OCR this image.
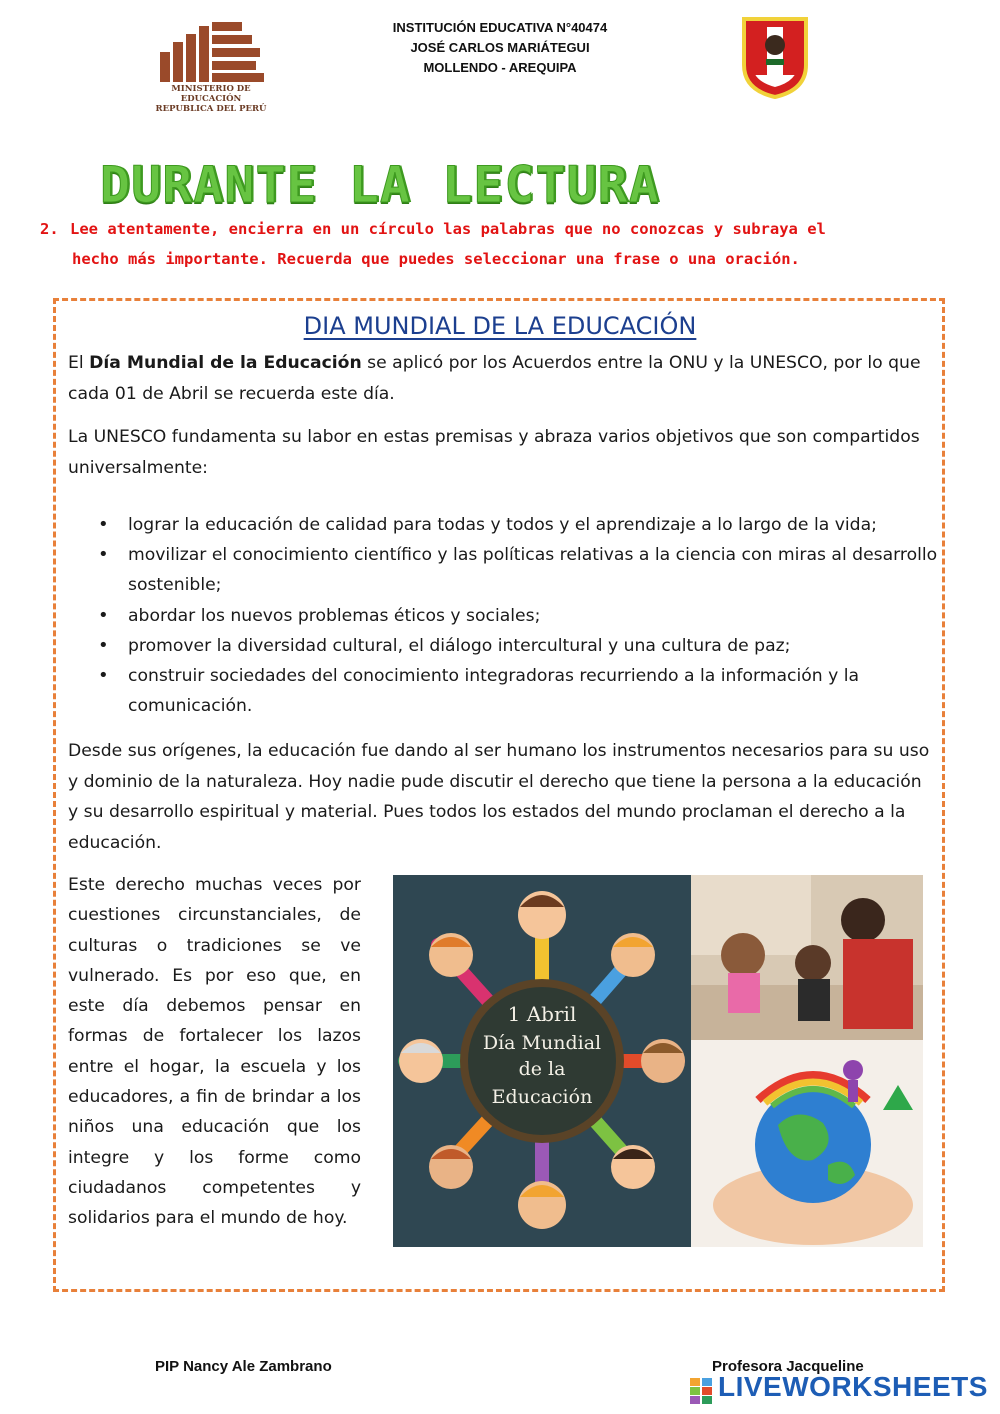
MINISTERIO DE EDUCACIÓN
REPUBLICA DEL PERÚ
INSTITUCIÓN EDUCATIVA N°40474
JOSÉ CARLOS MARIÁTEGUI
MOLLENDO - AREQUIPA
DURANTE LA LECTURA
2. Lee atentamente, encierra en un círculo las palabras que no conozcas y subraya el
hecho más importante. Recuerda que puedes seleccionar una frase o una oración.
DIA MUNDIAL DE LA EDUCACIÓN

El Día Mundial de la Educación se aplicó por los Acuerdos entre la ONU y la UNESCO, por lo que cada 01 de Abril se recuerda este día.

La UNESCO fundamenta su labor en estas premisas y abraza varios objetivos que son compartidos universalmente:

• lograr la educación de calidad para todas y todos y el aprendizaje a lo largo de la vida;
• movilizar el conocimiento científico y las políticas relativas a la ciencia con miras al desarrollo sostenible;
• abordar los nuevos problemas éticos y sociales;
• promover la diversidad cultural, el diálogo intercultural y una cultura de paz;
• construir sociedades del conocimiento integradoras recurriendo a la información y la comunicación.

Desde sus orígenes, la educación fue dando al ser humano los instrumentos necesarios para su uso y dominio de la naturaleza. Hoy nadie pude discutir el derecho que tiene la persona a la educación y su desarrollo espiritual y material. Pues todos los estados del mundo proclaman el derecho a la educación.

Este derecho muchas veces por cuestiones circunstanciales, de culturas o tradiciones se ve vulnerado. Es por eso que, en este día debemos pensar en formas de fortalecer los lazos entre el hogar, la escuela y los educadores, a fin de brindar a los niños una educación que los integre y los forme como ciudadanos competentes y solidarios para el mundo de hoy.

1 Abril
Día Mundial
de la
Educación
PIP Nancy Ale Zambrano	Profesora Jacqueline
LIVEWORKSHEETS
